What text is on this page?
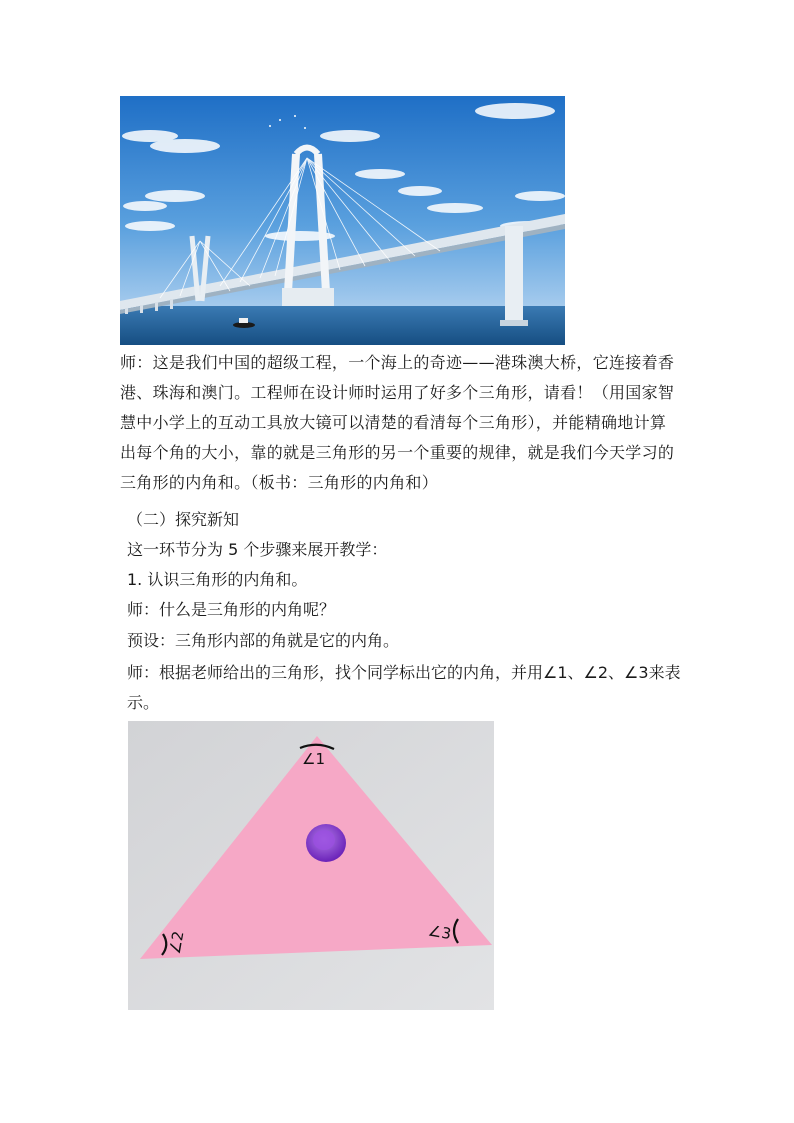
师：这是我们中国的超级工程，一个海上的奇迹——港珠澳大桥，它连接着香港、珠海和澳门。工程师在设计师时运用了好多个三角形，请看！（用国家智慧中小学上的互动工具放大镜可以清楚的看清每个三角形），并能精确地计算出每个角的大小，靠的就是三角形的另一个重要的规律，就是我们今天学习的三角形的内角和。（板书：三角形的内角和）

（二）探究新知

这一环节分为 5 个步骤来展开教学：

1. 认识三角形的内角和。

师：什么是三角形的内角呢？

预设：三角形内部的角就是它的内角。

师：根据老师给出的三角形，找个同学标出它的内角，并用∠1、∠2、∠3来表示。

∠1
∠2	∠3
